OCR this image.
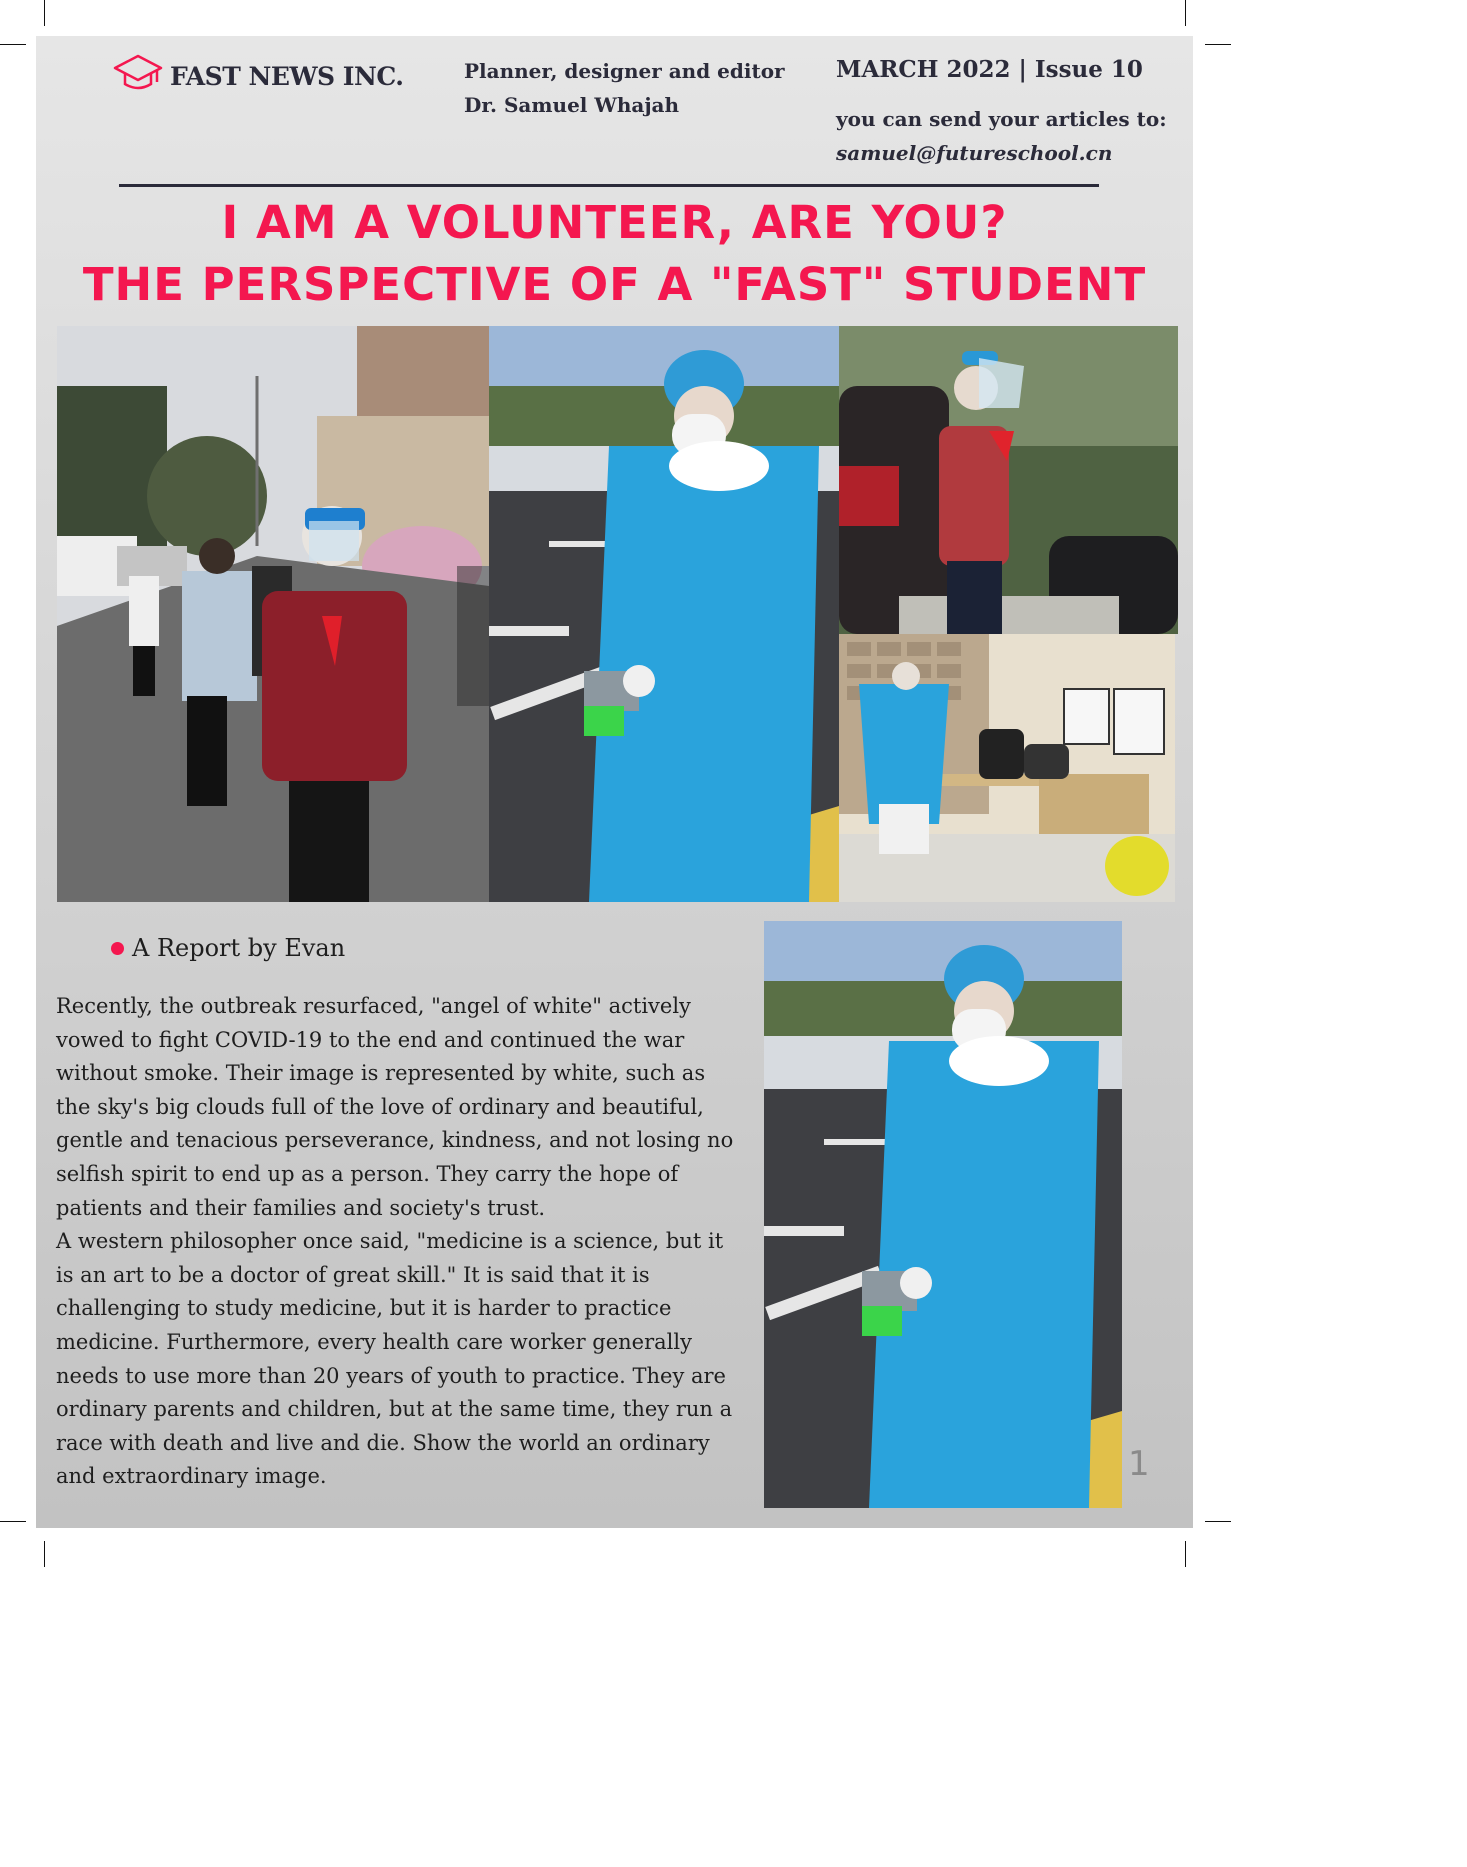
FAST NEWS INC.	Planner, designer and editor
Dr. Samuel Whajah
MARCH 2022 | Issue 10
you can send your articles to:
samuel@futureschool.cn
I AM A VOLUNTEER, ARE YOU?
THE PERSPECTIVE OF A "FAST" STUDENT
A Report by Evan

Recently, the outbreak resurfaced, "angel of white" actively vowed to fight COVID-19 to the end and continued the war without smoke. Their image is represented by white, such as the sky's big clouds full of the love of ordinary and beautiful, gentle and tenacious perseverance, kindness, and not losing no selfish spirit to end up as a person. They carry the hope of patients and their families and society's trust.

A western philosopher once said, "medicine is a science, but it is an art to be a doctor of great skill." It is said that it is challenging to study medicine, but it is harder to practice medicine. Furthermore, every health care worker generally needs to use more than 20 years of youth to practice. They are ordinary parents and children, but at the same time, they run a race with death and live and die. Show the world an ordinary and extraordinary image.	1
